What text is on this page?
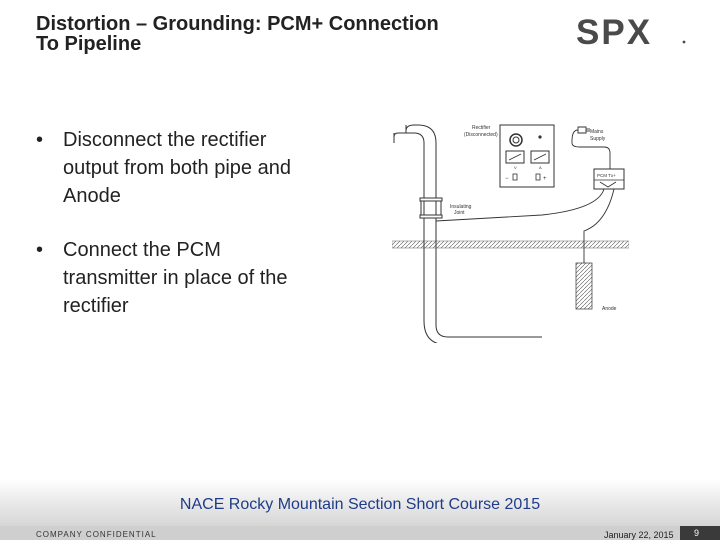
Distortion – Grounding: PCM+ Connection
To Pipeline	SPX
• Disconnect the rectifier
output from both pipe and
Anode
• Connect the PCM
transmitter in place of the
rectifier
Insulating
Joint
V	A
−	+
Rectifier
(Disconnected)	Mains
Supply
PCM Tx+
Anode
NACE Rocky Mountain Section Short Course 2015
COMPANY CONFIDENTIAL	January 22, 2015 9
